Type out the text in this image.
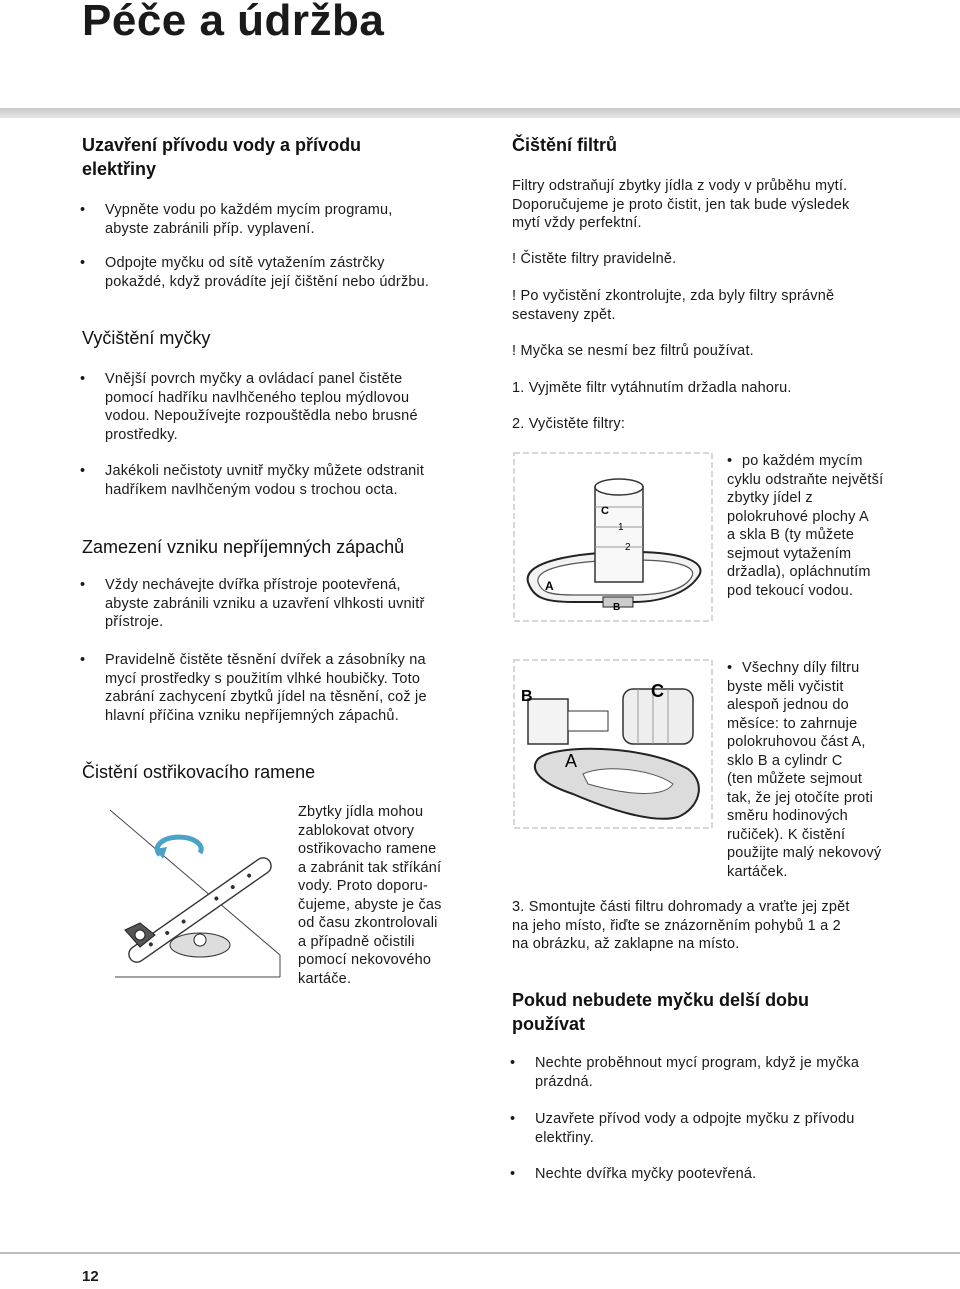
Péče a údržba
Uzavření přívodu vody a přívodu
elektřiny
• Vypněte vodu po každém mycím programu,
abyste zabránili příp. vyplavení.
• Odpojte myčku od sítě vytažením zástrčky
pokaždé, když provádíte její čištění nebo údržbu.
Vyčištění myčky
• Vnější povrch myčky a ovládací panel čistěte
pomocí hadříku navlhčeného teplou mýdlovou
vodou. Nepoužívejte rozpouštědla nebo brusné
prostředky.
• Jakékoli nečistoty uvnitř myčky můžete odstranit
hadříkem navlhčeným vodou s trochou octa.
Zamezení vzniku nepříjemných zápachů
• Vždy nechávejte dvířka přístroje pootevřená,
abyste zabránili vzniku a uzavření vlhkosti uvnitř
přístroje.
• Pravidelně čistěte těsnění dvířek a zásobníky na
mycí prostředky s použitím vlhké houbičky. Toto
zabrání zachycení zbytků jídel na těsnění, což je
hlavní příčina vzniku nepříjemných zápachů.
Čistění ostřikovacího ramene

Zbytky jídla mohou
zablokovat otvory
ostřikovacho ramene
a zabránit tak stříkání
vody. Proto doporu-
čujeme, abyste je čas
od času zkontrolovali
a případně očistili
pomocí nekovového
kartáče.

Čištění filtrů

Filtry odstraňují zbytky jídla z vody v průběhu mytí.
Doporučujeme je proto čistit, jen tak bude výsledek
mytí vždy perfektní.

! Čistěte filtry pravidelně.

! Po vyčistění zkontrolujte, zda byly filtry správně
sestaveny zpět.

! Myčka se nesmí bez filtrů používat.

1. Vyjměte filtr vytáhnutím držadla nahoru.

2. Vyčistěte filtry:

C
1
2
A
B
• po každém mycím
cyklu odstraňte největší
zbytky jídel z
polokruhové plochy A
a skla B (ty můžete
sejmout vytažením
držadla), opláchnutím
pod tekoucí vodou.
B	C
A
• Všechny díly filtru
byste měli vyčistit
alespoň jednou do
měsíce: to zahrnuje
polokruhovou část A,
sklo B a cylindr C
(ten můžete sejmout
tak, že jej otočíte proti
směru hodinových
ručiček). K čistění
použijte malý nekovový
kartáček.

3. Smontujte části filtru dohromady a vraťte jej zpět
na jeho místo, řiďte se znázorněním pohybů 1 a 2
na obrázku, až zaklapne na místo.

Pokud nebudete myčku delší dobu
používat
• Nechte proběhnout mycí program, když je myčka
prázdná.
• Uzavřete přívod vody a odpojte myčku z přívodu
elektřiny.
• Nechte dvířka myčky pootevřená.
12
